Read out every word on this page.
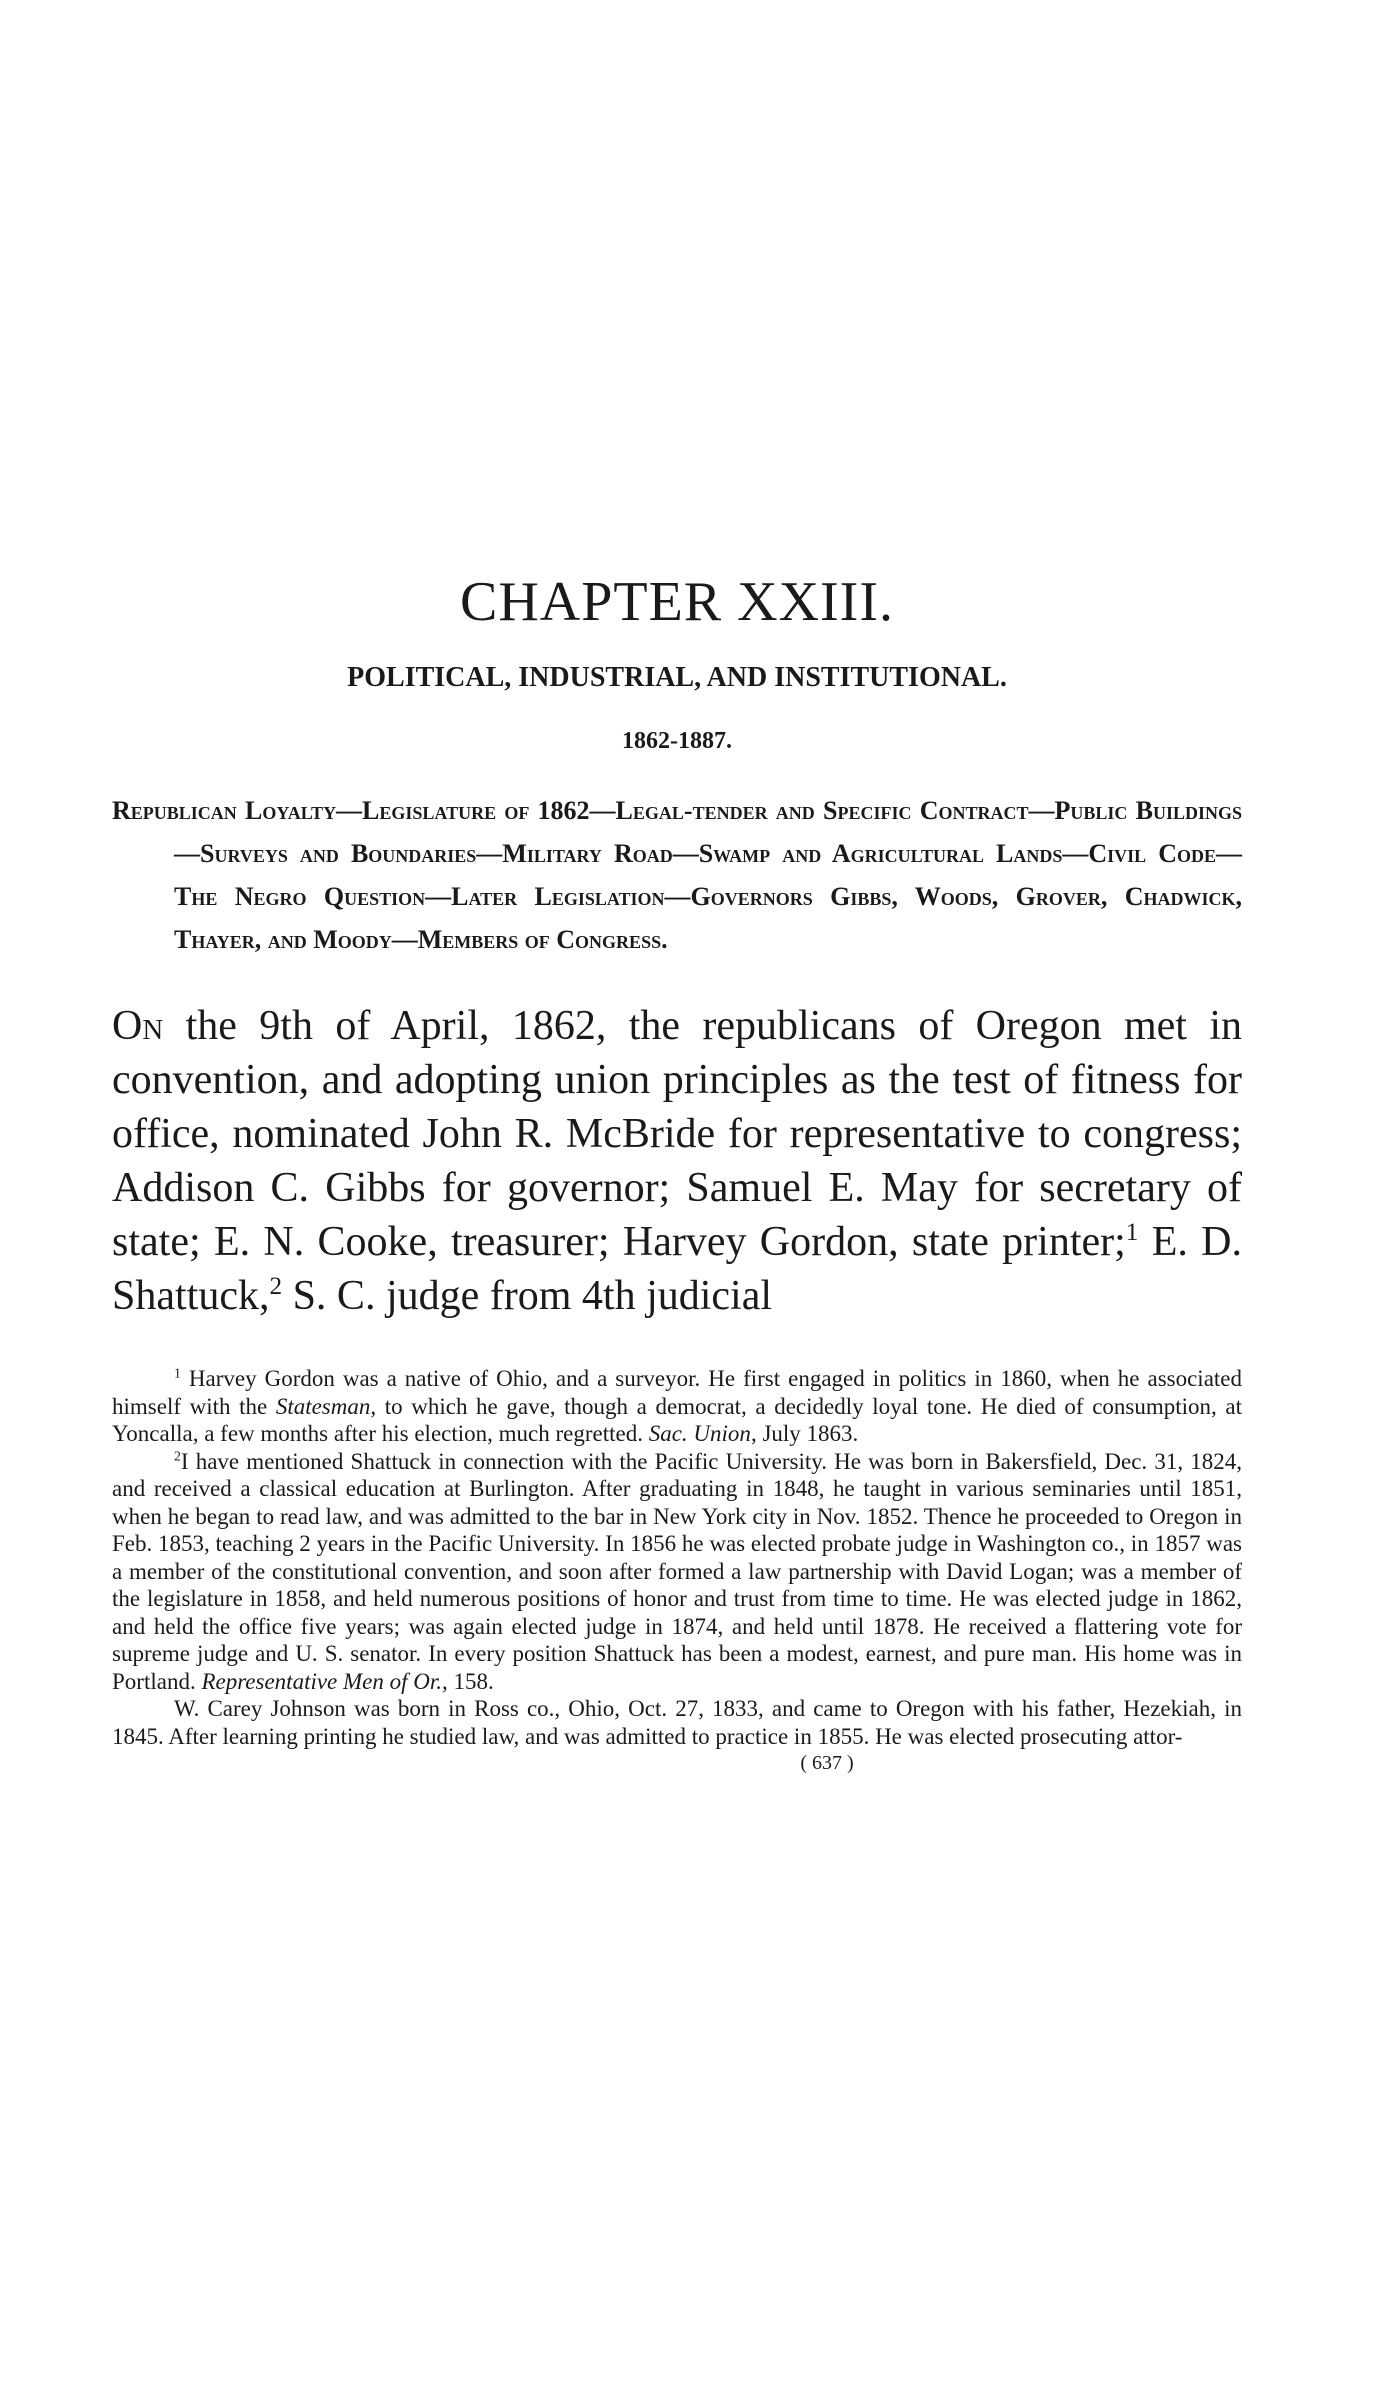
CHAPTER XXIII.
POLITICAL, INDUSTRIAL, AND INSTITUTIONAL.
1862-1887.

Republican Loyalty—Legislature of 1862—Legal-tender and Specific Contract—Public Buildings—Surveys and Boundaries—Military Road—Swamp and Agricultural Lands—Civil Code—The Negro Question—Later Legislation—Governors Gibbs, Woods, Grover, Chadwick, Thayer, and Moody—Members of Congress.

On the 9th of April, 1862, the republicans of Oregon met in convention, and adopting union principles as the test of fitness for office, nominated John R. McBride for representative to congress; Addison C. Gibbs for governor; Samuel E. May for secretary of state; E. N. Cooke, treasurer; Harvey Gordon, state printer;$^1$ E. D. Shattuck,$^2$ S. C. judge from 4th judicial

$^1$ Harvey Gordon was a native of Ohio, and a surveyor. He first engaged in politics in 1860, when he associated himself with the Statesman, to which he gave, though a democrat, a decidedly loyal tone. He died of consumption, at Yoncalla, a few months after his election, much regretted. Sac. Union, July 1863.

$^2$I have mentioned Shattuck in connection with the Pacific University. He was born in Bakersfield, Dec. 31, 1824, and received a classical education at Burlington. After graduating in 1848, he taught in various seminaries until 1851, when he began to read law, and was admitted to the bar in New York city in Nov. 1852. Thence he proceeded to Oregon in Feb. 1853, teaching 2 years in the Pacific University. In 1856 he was elected probate judge in Washington co., in 1857 was a member of the constitutional convention, and soon after formed a law partnership with David Logan; was a member of the legislature in 1858, and held numerous positions of honor and trust from time to time. He was elected judge in 1862, and held the office five years; was again elected judge in 1874, and held until 1878. He received a flattering vote for supreme judge and U. S. senator. In every position Shattuck has been a modest, earnest, and pure man. His home was in Portland. Representative Men of Or., 158.

W. Carey Johnson was born in Ross co., Ohio, Oct. 27, 1833, and came to Oregon with his father, Hezekiah, in 1845. After learning printing he studied law, and was admitted to practice in 1855. He was elected prosecuting attor-

( 637 )
